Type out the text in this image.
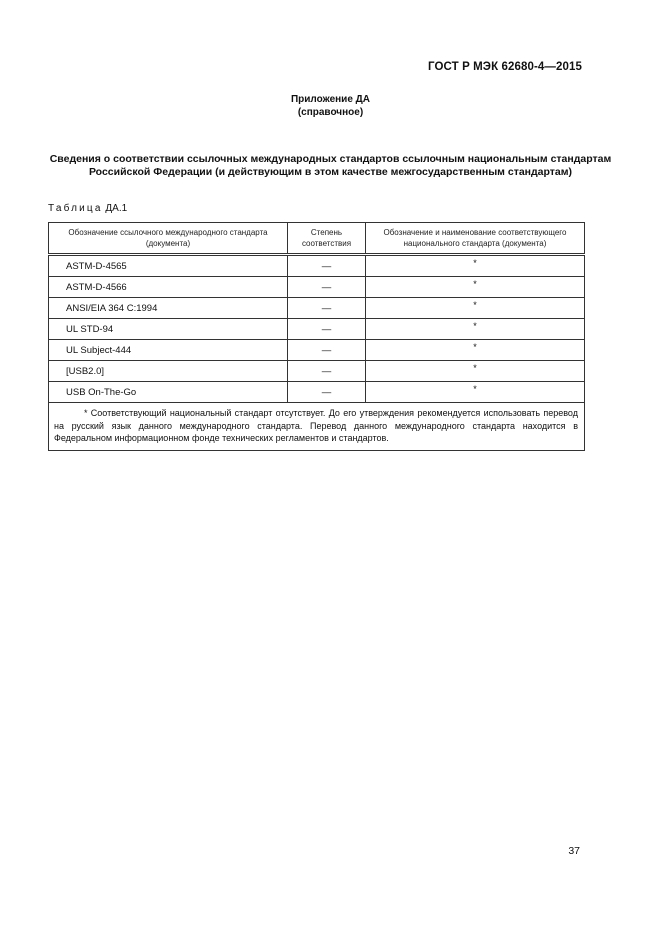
ГОСТ Р МЭК 62680-4—2015
Приложение ДА
(справочное)
Сведения о соответствии ссылочных международных стандартов ссылочным национальным стандартам Российской Федерации (и действующим в этом качестве межгосударственным стандартам)
Таблица ДА.1
Обозначение ссылочного международного стандарта (документа)	Степень соответствия	Обозначение и наименование соответствующего национального стандарта (документа)
ASTM-D-4565	—	*
ASTM-D-4566	—	*
ANSI/EIA 364 C:1994	—	*
UL STD-94	—	*
UL Subject-444	—	*
[USB2.0]	—	*
USB On-The-Go	—	*

* Соответствующий национальный стандарт отсутствует. До его утверждения рекомендуется использовать перевод на русский язык данного международного стандарта. Перевод данного международного стандарта находится в Федеральном информационном фонде технических регламентов и стандартов.		
37
